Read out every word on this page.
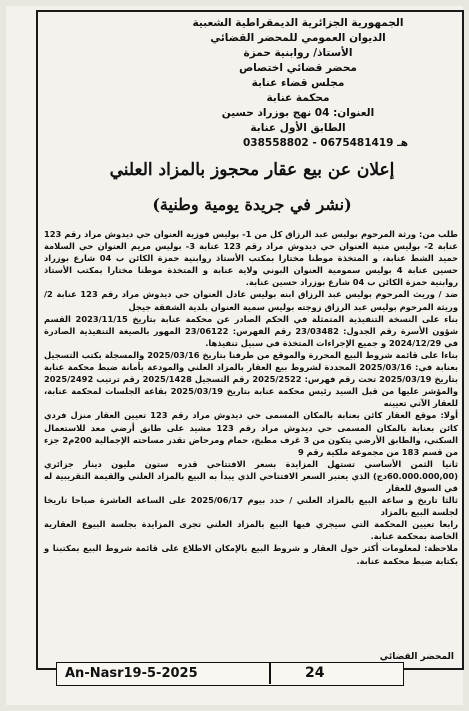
الجمهورية الجزائرية الديمقراطية الشعبية
الديوان العمومي للمحضر القضائي
الأستاذ/ روابنية حمزة
محضر قضائي اختصاص
مجلس قضاء عنابة
محكمة عنابة
العنوان: 04 نهج بوزراد حسين
الطابق الأول عنابة
هـ 0675481419 - 038558802
إعلان عن بيع عقار محجوز بالمزاد العلني
(نشر في جريدة يومية وطنية)

طلب من: ورثة المرحوم بوليس عبد الرزاق كل من 1- بوليس فوزية العنوان حي ديدوش مراد رقم 123 عنابة 2- بوليس منية العنوان حي ديدوش مراد رقم 123 عنابة 3- بوليس مريم العنوان حي السلامة حميد الشط عنابة، و المتخذة موطنا مختارا بمكتب الأستاذ روابنية حمزة الكائن ب 04 شارع بوزراد حسين عنابة 4 بوليس سمومية العنوان البوني ولاية عنابة و المتخذة موطنا مختارا بمكتب الأستاذ روابنية حمزة الكائن ب 04 شارع بوزراد حسين عنابة.

ضد / وريث المرحوم بوليس عبد الرزاق ابنه بوليس عادل العنوان حي ديدوش مراد رقم 123 عنابة 2/ وريثة المرحوم بوليس عبد الرزاق زوجته بوليس سمية العنوان بلدية الشفقة جيجل

بناء على النسخة التنفيذية المتمثلة في الحكم الصادر عن محكمة عنابة بتاريخ 2023/11/15 القسم شؤون الأسرة رقم الجدول: 23/03482 رقم الفهرس: 23/06122 المهور بالصيغة التنفيذية الصادرة في 2024/12/29 و جميع الإجراءات المتخذة في سبيل تنفيذها.

بناءا على قائمة شروط البيع المحررة والموقع من طرفنا بتاريخ 2025/03/16 والمسجلة بكتب التسجيل بعنابة في: 2025/03/16 المحددة لشروط بيع العقار بالمزاد العلني والمودعة بأمانة ضبط محكمة عنابة بتاريخ 2025/03/19 تحت رقم فهرس: 2025/2522 رقم التسجيل 2025/1428 رقم ترتيب 2025/2492 والمؤشر عليها من قبل السيد رئيس محكمة عنابة بتاريخ 2025/03/19 بقاعة الجلسات لمحكمة عنابة، للعقار الآتي تعيينه

أولا: موقع العقار كائن بعنابة بالمكان المسمى حي ديدوش مراد رقم 123 تعيين العقار منزل فردي كائن بعنابة بالمكان المسمى حي ديدوش مراد رقم 123 مشيد على طابق أرضي معد للاستعمال السكني، والطابق الأرضي يتكون من 3 غرف مطبخ، حمام ومرحاض تقدر مساحته الإجمالية 200م2 جزء من قسم 183 من مجموعة ملكية رقم 9

ثانيا الثمن الأساسي تستهل المزايدة بسعر الافتتاحي قدره ستون مليون دينار جزائري (60.000.000,00دج) الذي يعتبر السعر الافتتاحي الذي يبدأ به البيع بالمزاد العلني والقيمة التقريبية له في السوق للعقار

ثالثا تاريخ و ساعة البيع بالمزاد العلني / حدد بيوم 2025/06/17 على الساعة العاشرة صباحا تاريخا لجلسة البيع بالمزاد

رابعا تعيين المحكمة التي سيجري فيها البيع بالمزاد العلني تجرى المزايدة بجلسة البيوع العقارية الخاصة بمحكمة عنابة.

ملاحظة: لمعلومات أكثر حول العقار و شروط البيع بالإمكان الاطلاع على قائمة شروط البيع بمكتبنا و بكتابة ضبط محكمة عنابة.

المحضر القضائي
An-Nasr19-5-2025	24
